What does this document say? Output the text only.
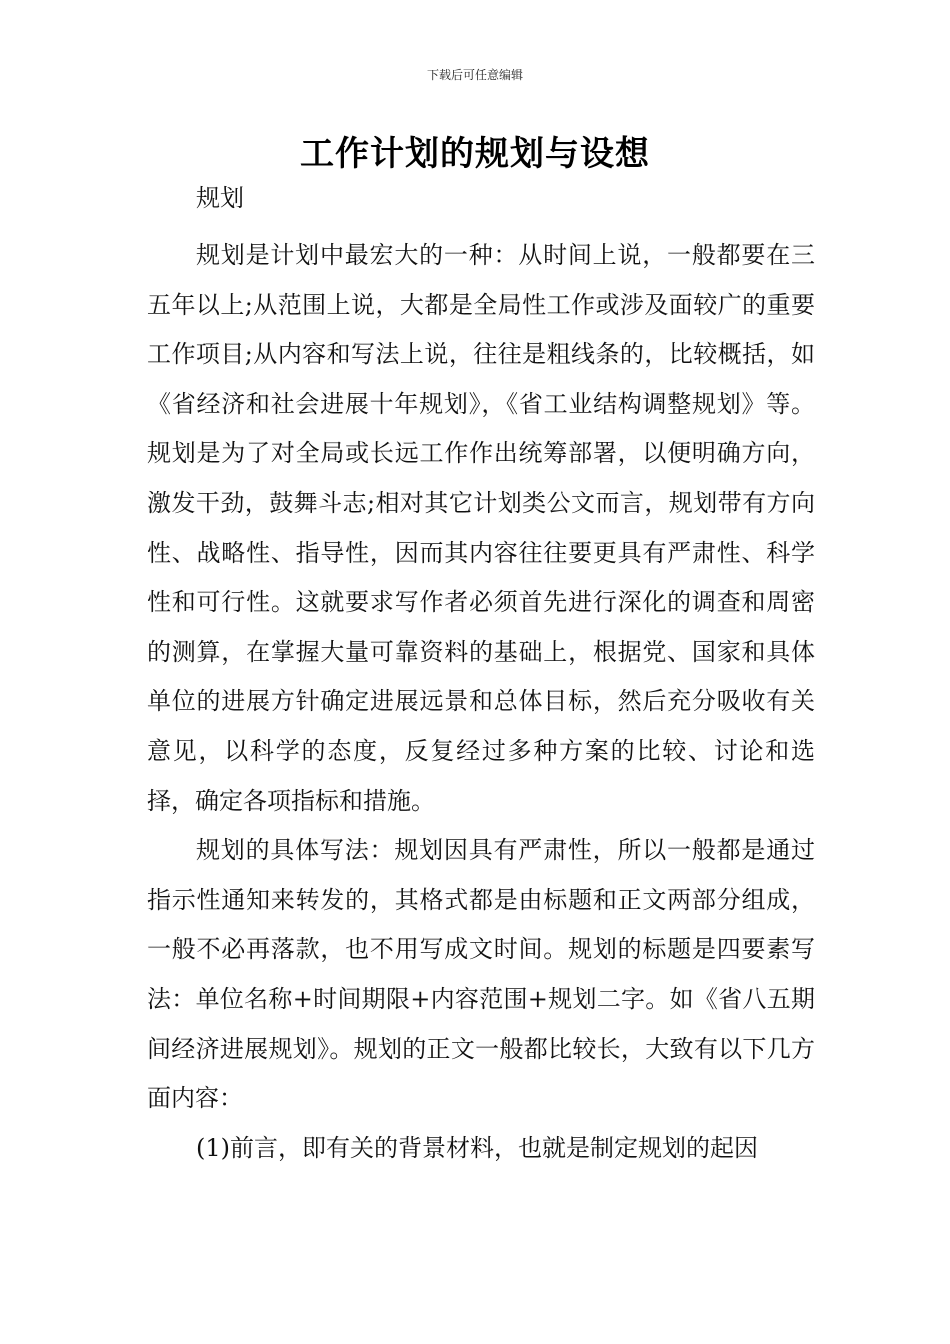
下载后可任意编辑
工作计划的规划与设想

规划

规划是计划中最宏大的一种：从时间上说，一般都要在三五年以上;从范围上说，大都是全局性工作或涉及面较广的重要工作项目;从内容和写法上说，往往是粗线条的，比较概括，如《省经济和社会进展十年规划》，《省工业结构调整规划》等。规划是为了对全局或长远工作作出统筹部署，以便明确方向，激发干劲，鼓舞斗志;相对其它计划类公文而言，规划带有方向性、战略性、指导性，因而其内容往往要更具有严肃性、科学性和可行性。这就要求写作者必须首先进行深化的调查和周密的测算，在掌握大量可靠资料的基础上，根据党、国家和具体单位的进展方针确定进展远景和总体目标，然后充分吸收有关意见，以科学的态度，反复经过多种方案的比较、讨论和选择，确定各项指标和措施。

规划的具体写法：规划因具有严肃性，所以一般都是通过指示性通知来转发的，其格式都是由标题和正文两部分组成，一般不必再落款，也不用写成文时间。规划的标题是四要素写法：单位名称+时间期限+内容范围+规划二字。如《省八五期间经济进展规划》。规划的正文一般都比较长，大致有以下几方面内容：

(1)前言，即有关的背景材料，也就是制定规划的起因
